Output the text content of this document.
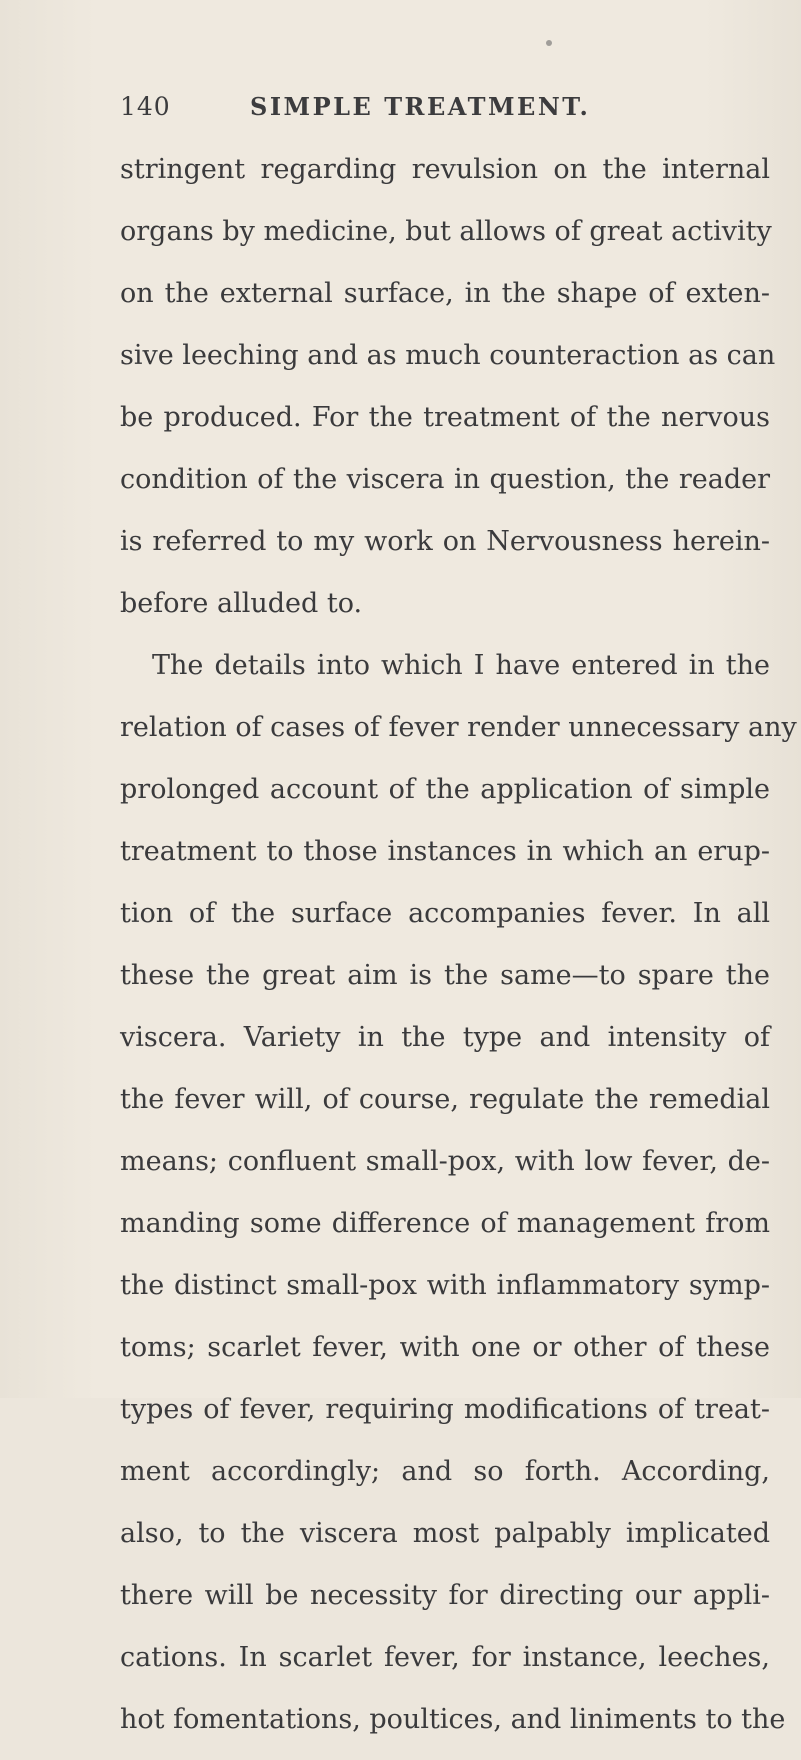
140	SIMPLE TREATMENT.
stringent regarding revulsion on the internal
organs by medicine, but allows of great activity
on the external surface, in the shape of exten-
sive leeching and as much counteraction as can
be produced. For the treatment of the nervous
condition of the viscera in question, the reader
is referred to my work on Nervousness herein-
before alluded to.
The details into which I have entered in the
relation of cases of fever render unnecessary any
prolonged account of the application of simple
treatment to those instances in which an erup-
tion of the surface accompanies fever. In all
these the great aim is the same—to spare the
viscera. Variety in the type and intensity of
the fever will, of course, regulate the remedial
means; confluent small-pox, with low fever, de-
manding some difference of management from
the distinct small-pox with inflammatory symp-
toms; scarlet fever, with one or other of these
types of fever, requiring modifications of treat-
ment accordingly; and so forth. According,
also, to the viscera most palpably implicated
there will be necessity for directing our appli-
cations. In scarlet fever, for instance, leeches,
hot fomentations, poultices, and liniments to the
